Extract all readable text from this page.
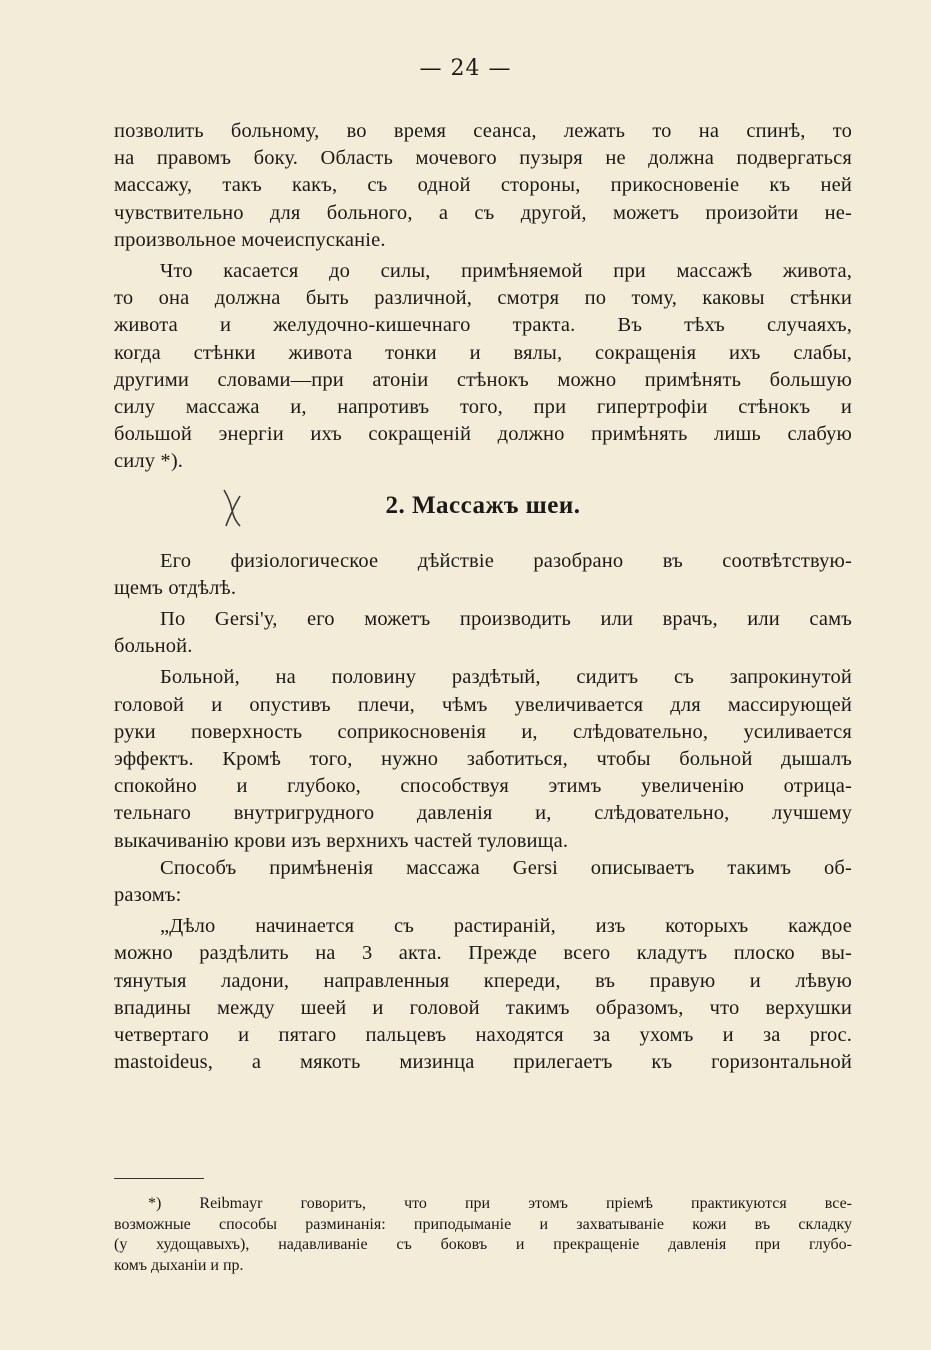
— 24 —
позволить больному, во время сеанса, лежать то на спинѣ, то
на правомъ боку. Область мочевого пузыря не должна подвергаться
массажу, такъ какъ, съ одной стороны, прикосновеніе къ ней
чувствительно для больного, а съ другой, можетъ произойти не-
произвольное мочеиспусканіе.
Что касается до силы, примѣняемой при массажѣ живота,
то она должна быть различной, смотря по тому, каковы стѣнки
живота и желудочно-кишечнаго тракта. Въ тѣхъ случаяхъ,
когда стѣнки живота тонки и вялы, сокращенія ихъ слабы,
другими словами—при атоніи стѣнокъ можно примѣнять большую
силу массажа и, напротивъ того, при гипертрофіи стѣнокъ и
большой энергіи ихъ сокращеній должно примѣнять лишь слабую
силу *).
2. Массажъ шеи.
Его физіологическое дѣйствіе разобрано въ соотвѣтствую-
щемъ отдѣлѣ.
По Gersi'у, его можетъ производить или врачъ, или самъ
больной.
Больной, на половину раздѣтый, сидитъ съ запрокинутой
головой и опустивъ плечи, чѣмъ увеличивается для массирующей
руки поверхность соприкосновенія и, слѣдовательно, усиливается
эффектъ. Кромѣ того, нужно заботиться, чтобы больной дышалъ
спокойно и глубоко, способствуя этимъ увеличенію отрица-
тельнаго внутригрудного давленія и, слѣдовательно, лучшему
выкачиванію крови изъ верхнихъ частей туловища.
Способъ примѣненія массажа Gersi описываетъ такимъ об-
разомъ:
„Дѣло начинается съ растираній, изъ которыхъ каждое
можно раздѣлить на 3 акта. Прежде всего кладутъ плоско вы-
тянутыя ладони, направленныя кпереди, въ правую и лѣвую
впадины между шеей и головой такимъ образомъ, что верхушки
четвертаго и пятаго пальцевъ находятся за ухомъ и за proc.
mastoideus, а мякоть мизинца прилегаетъ къ горизонтальной
*) Reibmayr говоритъ, что при этомъ пріемѣ практикуются все-
возможные способы разминанія: приподыманіе и захватываніе кожи въ складку
(у худощавыхъ), надавливаніе съ боковъ и прекращеніе давленія при глубо-
комъ дыханіи и пр.
